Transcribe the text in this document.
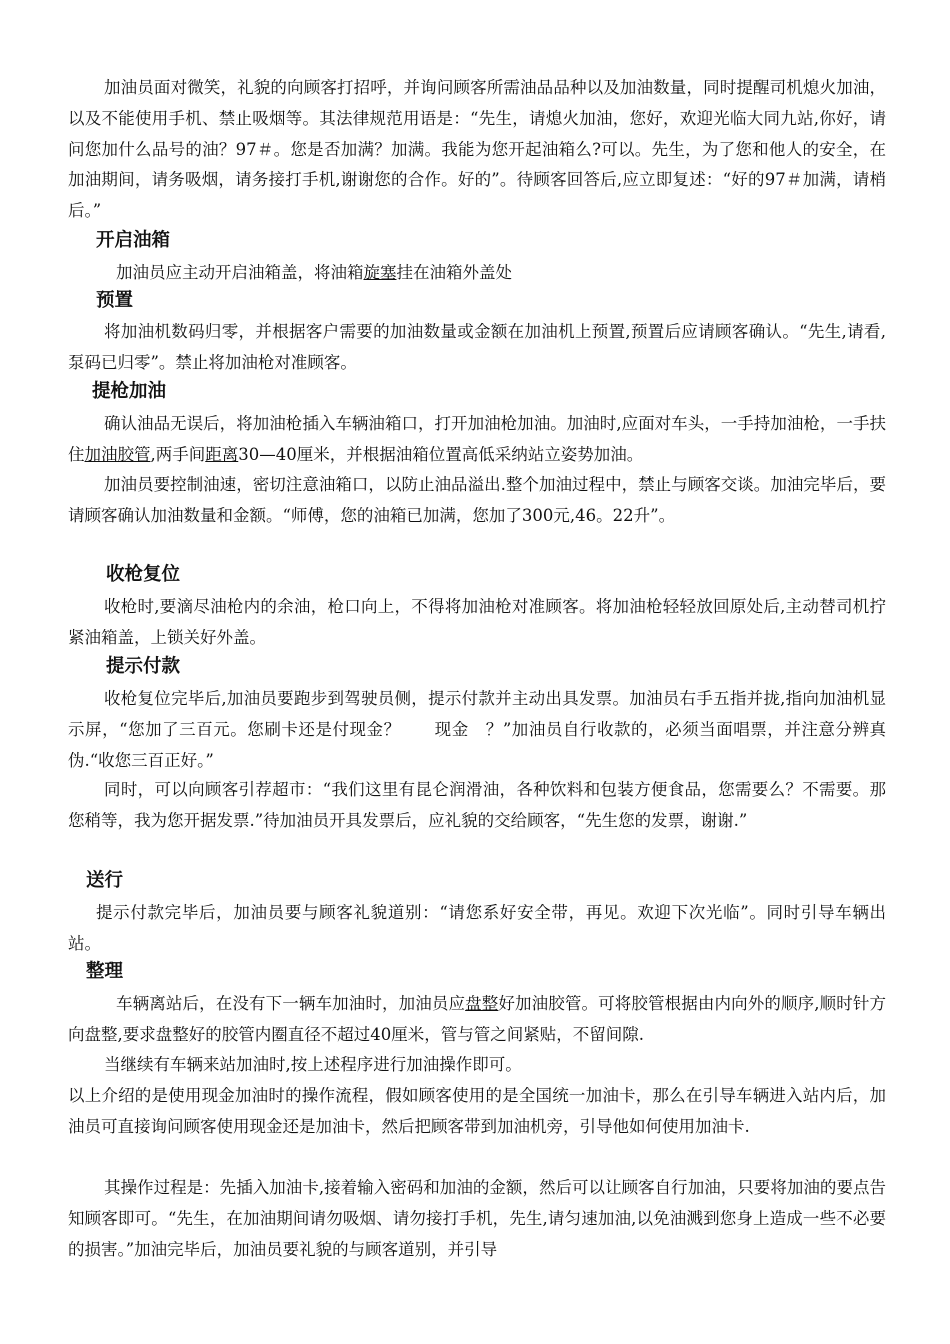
加油员面对微笑，礼貌的向顾客打招呼，并询问顾客所需油品品种以及加油数量，同时提醒司机熄火加油，以及不能使用手机、禁止吸烟等。其法律规范用语是：“先生，请熄火加油，您好，欢迎光临大同九站,你好，请问您加什么品号的油？97＃。您是否加满？加满。我能为您开起油箱么?可以。先生，为了您和他人的安全，在加油期间，请务吸烟，请务接打手机,谢谢您的合作。好的”。待顾客回答后,应立即复述：“好的97＃加满，请梢后。”

开启油箱

加油员应主动开启油箱盖，将油箱旋塞挂在油箱外盖处

预置

将加油机数码归零，并根据客户需要的加油数量或金额在加油机上预置,预置后应请顾客确认。“先生,请看,泵码已归零”。禁止将加油枪对准顾客。

提枪加油

确认油品无误后，将加油枪插入车辆油箱口，打开加油枪加油。加油时,应面对车头，一手持加油枪，一手扶住加油胶管,两手间距离30—40厘米，并根据油箱位置高低采纳站立姿势加油。

加油员要控制油速，密切注意油箱口，以防止油品溢出.整个加油过程中，禁止与顾客交谈。加油完毕后，要请顾客确认加油数量和金额。“师傅，您的油箱已加满，您加了300元,46。22升”。

收枪复位

收枪时,要滴尽油枪内的余油，枪口向上，不得将加油枪对准顾客。将加油枪轻轻放回原处后,主动替司机拧紧油箱盖，上锁关好外盖。

提示付款

收枪复位完毕后,加油员要跑步到驾驶员侧，提示付款并主动出具发票。加油员右手五指并拢,指向加油机显示屏，“您加了三百元。您刷卡还是付现金？　　现金　？”加油员自行收款的，必须当面唱票，并注意分辨真伪.“收您三百正好。”

同时，可以向顾客引荐超市：“我们这里有昆仑润滑油，各种饮料和包装方便食品，您需要么？不需要。那您稍等，我为您开据发票.”待加油员开具发票后，应礼貌的交给顾客，“先生您的发票，谢谢.”

送行

提示付款完毕后，加油员要与顾客礼貌道别：“请您系好安全带，再见。欢迎下次光临”。同时引导车辆出站。

整理

车辆离站后，在没有下一辆车加油时，加油员应盘整好加油胶管。可将胶管根据由内向外的顺序,顺时针方向盘整,要求盘整好的胶管内圈直径不超过40厘米，管与管之间紧贴，不留间隙.

当继续有车辆来站加油时,按上述程序进行加油操作即可。

以上介绍的是使用现金加油时的操作流程，假如顾客使用的是全国统一加油卡，那么在引导车辆进入站内后，加油员可直接询问顾客使用现金还是加油卡，然后把顾客带到加油机旁，引导他如何使用加油卡.

其操作过程是：先插入加油卡,接着输入密码和加油的金额，然后可以让顾客自行加油，只要将加油的要点告知顾客即可。“先生，在加油期间请勿吸烟、请勿接打手机，先生,请匀速加油,以免油溅到您身上造成一些不必要的损害。”加油完毕后，加油员要礼貌的与顾客道别，并引导
